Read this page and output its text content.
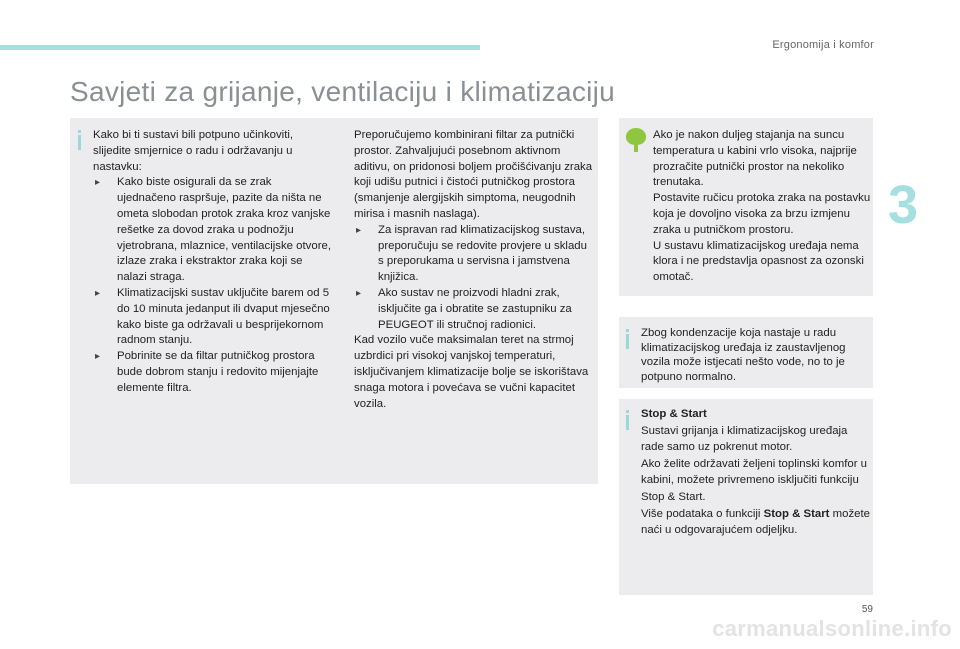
Ergonomija i komfor
Savjeti za grijanje, ventilaciju i klimatizaciju
3

Kako bi ti sustavi bili potpuno učinkoviti, slijedite smjernice o radu i održavanju u nastavku:

▸ Kako biste osigurali da se zrak ujednačeno raspršuje, pazite da ništa ne ometa slobodan protok zraka kroz vanjske rešetke za dovod zraka u podnožju vjetrobrana, mlaznice, ventilacijske otvore, izlaze zraka i ekstraktor zraka koji se nalazi straga.

▸ Klimatizacijski sustav uključite barem od 5 do 10 minuta jedanput ili dvaput mjesečno kako biste ga održavali u besprijekornom radnom stanju.

▸ Pobrinite se da filtar putničkog prostora bude dobrom stanju i redovito mijenjajte elemente filtra.

Preporučujemo kombinirani filtar za putnički prostor. Zahvaljujući posebnom aktivnom aditivu, on pridonosi boljem pročišćivanju zraka koji udišu putnici i čistoći putničkog prostora (smanjenje alergijskih simptoma, neugodnih mirisa i masnih naslaga).

▸ Za ispravan rad klimatizacijskog sustava, preporučuju se redovite provjere u skladu s preporukama u servisna i jamstvena knjižica.

▸ Ako sustav ne proizvodi hladni zrak, isključite ga i obratite se zastupniku za PEUGEOT ili stručnoj radionici.

Kad vozilo vuče maksimalan teret na strmoj uzbrdici pri visokoj vanjskoj temperaturi, isključivanjem klimatizacije bolje se iskorištava snaga motora i povećava se vučni kapacitet vozila.

Ako je nakon duljeg stajanja na suncu temperatura u kabini vrlo visoka, najprije prozračite putnički prostor na nekoliko trenutaka.

Postavite ručicu protoka zraka na postavku koja je dovoljno visoka za brzu izmjenu zraka u putničkom prostoru.

U sustavu klimatizacijskog uređaja nema klora i ne predstavlja opasnost za ozonski omotač.

Zbog kondenzacije koja nastaje u radu klimatizacijskog uređaja iz zaustavljenog vozila može istjecati nešto vode, no to je potpuno normalno.

Stop & Start

Sustavi grijanja i klimatizacijskog uređaja rade samo uz pokrenut motor.

Ako želite održavati željeni toplinski komfor u kabini, možete privremeno isključiti funkciju Stop & Start.

Više podataka o funkciji Stop & Start možete naći u odgovarajućem odjeljku.

59
carmanualsonline.info
